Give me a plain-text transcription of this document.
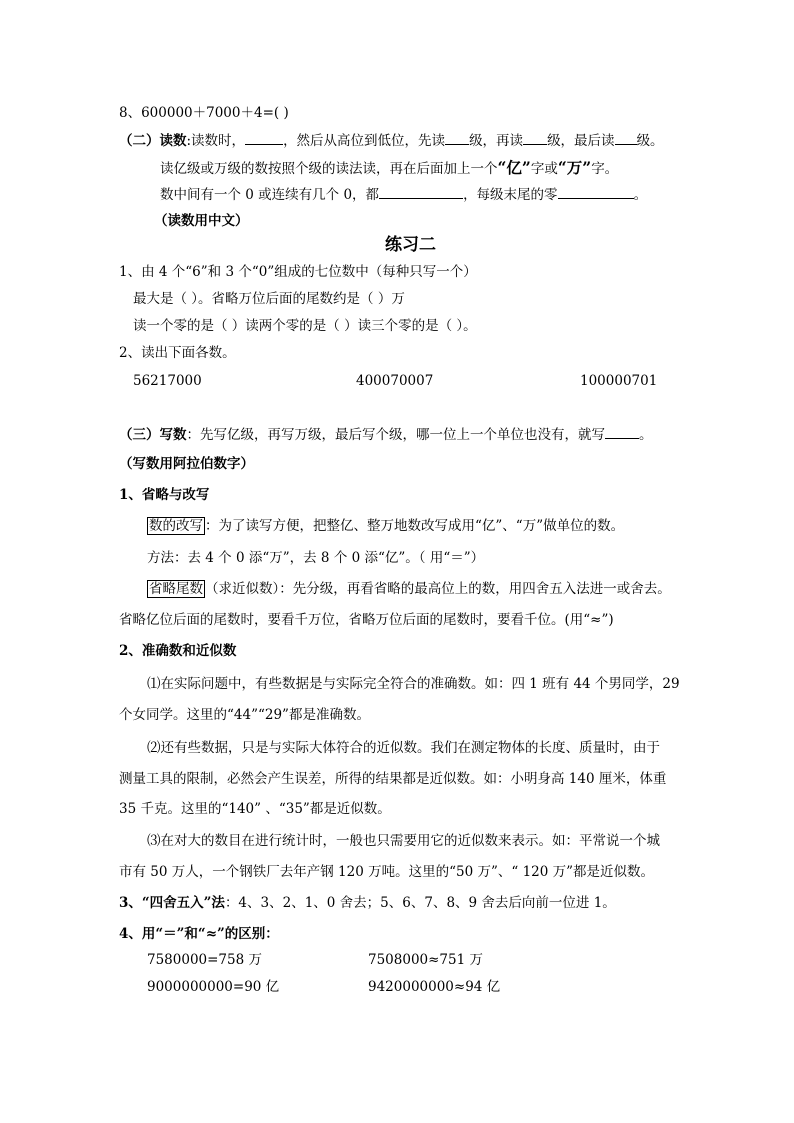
8、600000＋7000＋4=( )
（二）读数:读数时，	，然后从高位到低位，先读 级，再读 级，最后读 级。
读亿级或万级的数按照个级的读法读，再在后面加上一个“亿”字或“万”字。
数中间有一个 0 或连续有几个 0，都	，每级末尾的零	。
（读数用中文）
练习二
1、由 4 个“6”和 3 个“0”组成的七位数中（每种只写一个）
最大是（ ）。省略万位后面的尾数约是（ ）万
读一个零的是（ ）读两个零的是（ ）读三个零的是（ ）。
2、读出下面各数。
56217000	400070007	100000701
（三）写数：先写亿级，再写万级，最后写个级，哪一位上一个单位也没有，就写	。
（写数用阿拉伯数字）
1、省略与改写
数的改写 ：为了读写方便，把整亿、整万地数改写成用“亿”、“万”做单位的数。
方法：去 4 个 0 添“万”，去 8 个 0 添“亿”。（ 用“＝”）
省略尾数 （求近似数）：先分级，再看省略的最高位上的数，用四舍五入法进一或舍去。
省略亿位后面的尾数时，要看千万位，省略万位后面的尾数时，要看千位。(用“≈”)
2、准确数和近似数
⑴在实际问题中，有些数据是与实际完全符合的准确数。如：四 1 班有 44 个男同学，29
个女同学。这里的“44”“29”都是准确数。
⑵还有些数据，只是与实际大体符合的近似数。我们在测定物体的长度、质量时，由于
测量工具的限制，必然会产生误差，所得的结果都是近似数。如：小明身高 140 厘米，体重
35 千克。这里的“140” 、“35”都是近似数。
⑶在对大的数目在进行统计时，一般也只需要用它的近似数来表示。如：平常说一个城
市有 50 万人，一个钢铁厂去年产钢 120 万吨。这里的“50 万”、“ 120 万”都是近似数。
3、“四舍五入”法：4、3、2、1、0 舍去；5、6、7、8、9 舍去后向前一位进 1。
4、用“＝”和“≈”的区别：
7580000=758 万	7508000≈751 万
9000000000=90 亿	9420000000≈94 亿
